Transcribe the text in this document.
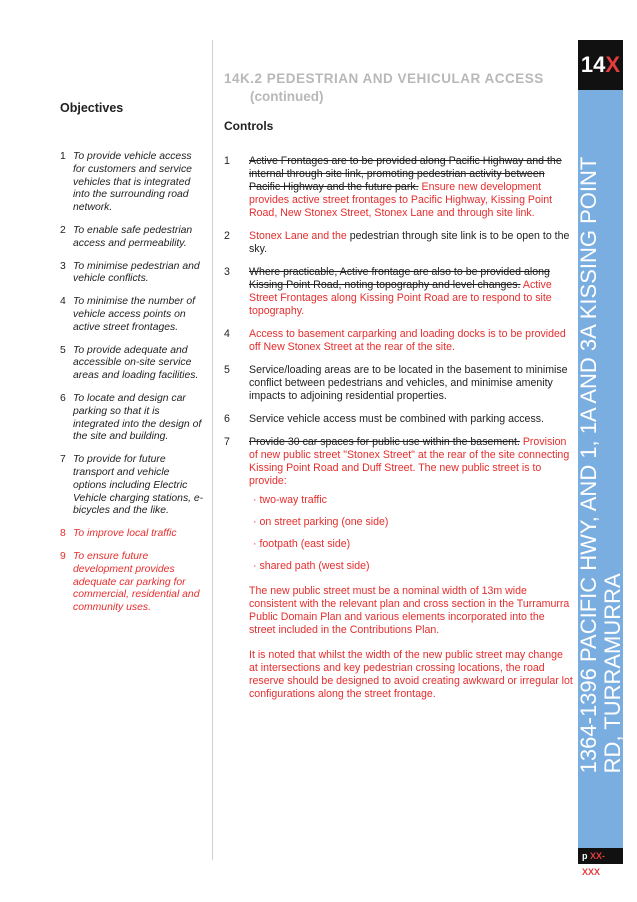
14X
1364-1396 PACIFIC HWY, AND 1, 1A AND 3A KISSING POINT
RD, TURRAMURRA
p XX-XXX
Objectives
1 To provide vehicle access for customers and service vehicles that is integrated into the surrounding road network.
2 To enable safe pedestrian access and permeability.
3 To minimise pedestrian and vehicle conflicts.
4 To minimise the number of vehicle access points on active street frontages.
5 To provide adequate and accessible on-site service areas and loading facilities.
6 To locate and design car parking so that it is integrated into the design of the site and building.
7 To provide for future transport and vehicle options including Electric Vehicle charging stations, e-bicycles and the like.
8 To improve local traffic
9 To ensure future development provides adequate car parking for commercial, residential and community uses.
14K.2 PEDESTRIAN AND VEHICULAR ACCESS
(continued)
Controls
1 Active Frontages are to be provided along Pacific Highway and the internal through site link, promoting pedestrian activity between Pacific Highway and the future park. Ensure new development provides active street frontages to Pacific Highway, Kissing Point Road, New Stonex Street, Stonex Lane and through site link.
2 Stonex Lane and the pedestrian through site link is to be open to the sky.
3 Where practicable, Active frontage are also to be provided along Kissing Point Road, noting topography and level changes. Active Street Frontages along Kissing Point Road are to respond to site topography.
4 Access to basement carparking and loading docks is to be provided off New Stonex Street at the rear of the site.
5 Service/loading areas are to be located in the basement to minimise conflict between pedestrians and vehicles, and minimise amenity impacts to adjoining residential properties.
6 Service vehicle access must be combined with parking access.
7 Provide 30 car spaces for public use within the basement. Provision of new public street "Stonex Street" at the rear of the site connecting Kissing Point Road and Duff Street. The new public street is to provide:
· two-way traffic
· on street parking (one side)
· footpath (east side)
· shared path (west side)
The new public street must be a nominal width of 13m wide consistent with the relevant plan and cross section in the Turramurra Public Domain Plan and various elements incorporated into the street included in the Contributions Plan.
It is noted that whilst the width of the new public street may change at intersections and key pedestrian crossing locations, the road reserve should be designed to avoid creating awkward or irregular lot configurations along the street frontage.
